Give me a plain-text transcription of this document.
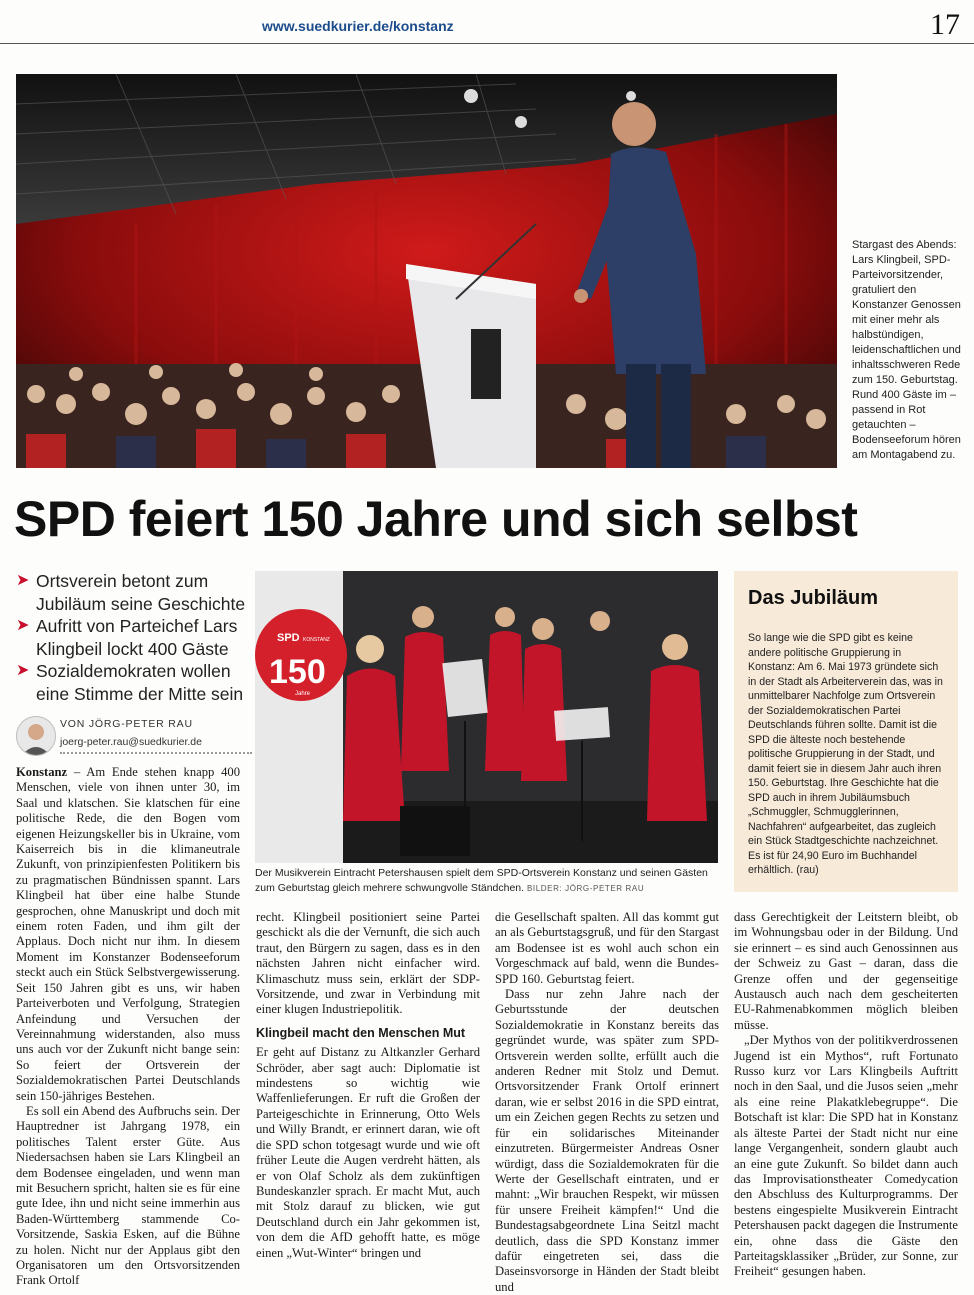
www.suedkurier.de/konstanz	17
Stargast des Abends: Lars Klingbeil, SPD-Parteivorsitzender, gratuliert den Konstanzer Genossen mit einer mehr als halbstündigen, leidenschaftlichen und inhaltsschweren Rede zum 150. Geburtstag. Rund 400 Gäste im – passend in Rot getauchten – Bodenseeforum hören am Montagabend zu.
SPD feiert 150 Jahre und sich selbst
➤ Ortsverein betont zum Jubiläum seine Geschichte
➤ Aufritt von Parteichef Lars Klingbeil lockt 400 Gäste
➤ Sozialdemokraten wollen eine Stimme der Mitte sein
VON JÖRG-PETER RAU
joerg-peter.rau@suedkurier.de

Konstanz – Am Ende stehen knapp 400 Menschen, viele von ihnen unter 30, im Saal und klatschen. Sie klatschen für eine politische Rede, die den Bogen vom eigenen Heizungskeller bis in Ukraine, vom Kaiserreich bis in die klimaneutrale Zukunft, von prinzipienfesten Politikern bis zu pragmatischen Bündnissen spannt. Lars Klingbeil hat über eine halbe Stunde gesprochen, ohne Manuskript und doch mit einem roten Faden, und ihm gilt der Applaus. Doch nicht nur ihm. In diesem Moment im Konstanzer Bodenseeforum steckt auch ein Stück Selbstvergewisserung. Seit 150 Jahren gibt es uns, wir haben Parteiverboten und Verfolgung, Strategien Anfeindung und Versuchen der Vereinnahmung widerstanden, also muss uns auch vor der Zukunft nicht bange sein: So feiert der Ortsverein der Sozialdemokratischen Partei Deutschlands sein 150-jähriges Bestehen.

Es soll ein Abend des Aufbruchs sein. Der Hauptredner ist Jahrgang 1978, ein politisches Talent erster Güte. Aus Niedersachsen haben sie Lars Klingbeil an dem Bodensee eingeladen, und wenn man mit Besuchern spricht, halten sie es für eine gute Idee, ihn und nicht seine immerhin aus Baden-Württemberg stammende Co-Vorsitzende, Saskia Esken, auf die Bühne zu holen. Nicht nur der Applaus gibt den Organisatoren um den Ortsvorsitzenden Frank Ortolf

SPD KONSTANZ
150
Jahre
Der Musikverein Eintracht Petershausen spielt dem SPD-Ortsverein Konstanz und seinen Gästen zum Geburtstag gleich mehrere schwungvolle Ständchen. BILDER: JÖRG-PETER RAU
Das Jubiläum
So lange wie die SPD gibt es keine andere politische Gruppierung in Konstanz: Am 6. Mai 1973 gründete sich in der Stadt als Arbeiterverein das, was in unmittelbarer Nachfolge zum Ortsverein der Sozialdemokratischen Partei Deutschlands führen sollte. Damit ist die SPD die älteste noch bestehende politische Gruppierung in der Stadt, und damit feiert sie in diesem Jahr auch ihren 150. Geburtstag. Ihre Geschichte hat die SPD auch in ihrem Jubiläumsbuch „Schmuggler, Schmugglerinnen, Nachfahren“ aufgearbeitet, das zugleich ein Stück Stadtgeschichte nachzeichnet. Es ist für 24,90 Euro im Buchhandel erhältlich. (rau)

recht. Klingbeil positioniert seine Partei geschickt als die der Vernunft, die sich auch traut, den Bürgern zu sagen, dass es in den nächsten Jahren nicht einfacher wird. Klimaschutz muss sein, erklärt der SDP-Vorsitzende, und zwar in Verbindung mit einer klugen Industriepolitik.

Klingbeil macht den Menschen Mut

Er geht auf Distanz zu Altkanzler Gerhard Schröder, aber sagt auch: Diplomatie ist mindestens so wichtig wie Waffenlieferungen. Er ruft die Großen der Parteigeschichte in Erinnerung, Otto Wels und Willy Brandt, er erinnert daran, wie oft die SPD schon totgesagt wurde und wie oft früher Leute die Augen verdreht hätten, als er von Olaf Scholz als dem zukünftigen Bundeskanzler sprach. Er macht Mut, auch mit Stolz darauf zu blicken, wie gut Deutschland durch ein Jahr gekommen ist, von dem die AfD gehofft hatte, es möge einen „Wut-Winter“ bringen und

die Gesellschaft spalten. All das kommt gut an als Geburtstagsgruß, und für den Stargast am Bodensee ist es wohl auch schon ein Vorgeschmack auf bald, wenn die Bundes-SPD 160. Geburtstag feiert.

Dass nur zehn Jahre nach der Geburtsstunde der deutschen Sozialdemokratie in Konstanz bereits das gegründet wurde, was später zum SPD-Ortsverein werden sollte, erfüllt auch die anderen Redner mit Stolz und Demut. Ortsvorsitzender Frank Ortolf erinnert daran, wie er selbst 2016 in die SPD eintrat, um ein Zeichen gegen Rechts zu setzen und für ein solidarisches Miteinander einzutreten. Bürgermeister Andreas Osner würdigt, dass die Sozialdemokraten für die Werte der Gesellschaft eintraten, und er mahnt: „Wir brauchen Respekt, wir müssen für unsere Freiheit kämpfen!“ Und die Bundestagsabgeordnete Lina Seitzl macht deutlich, dass die SPD Konstanz immer dafür eingetreten sei, dass die Daseinsvorsorge in Händen der Stadt bleibt und

dass Gerechtigkeit der Leitstern bleibt, ob im Wohnungsbau oder in der Bildung. Und sie erinnert – es sind auch Genossinnen aus der Schweiz zu Gast – daran, dass die Grenze offen und der gegenseitige Austausch auch nach dem gescheiterten EU-Rahmenabkommen möglich bleiben müsse.

„Der Mythos von der politikverdrossenen Jugend ist ein Mythos“, ruft Fortunato Russo kurz vor Lars Klingbeils Auftritt noch in den Saal, und die Jusos seien „mehr als eine reine Plakatklebegruppe“. Die Botschaft ist klar: Die SPD hat in Konstanz als älteste Partei der Stadt nicht nur eine lange Vergangenheit, sondern glaubt auch an eine gute Zukunft. So bildet dann auch das Improvisationstheater Comedycation den Abschluss des Kulturprogramms. Der bestens eingespielte Musikverein Eintracht Petershausen packt dagegen die Instrumente ein, ohne dass die Gäste den Parteitagsklassiker „Brüder, zur Sonne, zur Freiheit“ gesungen haben.
